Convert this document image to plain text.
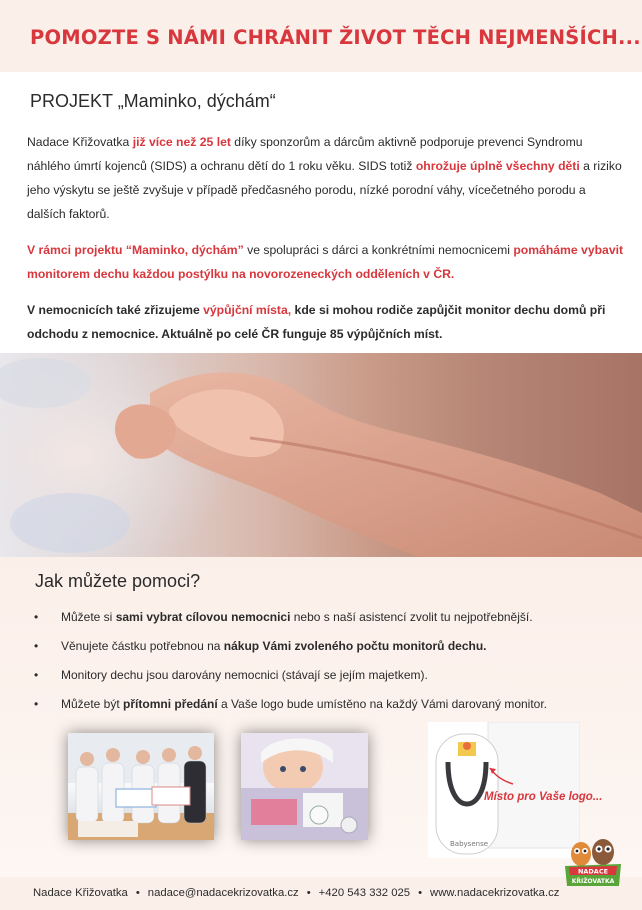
POMOZTE S NÁMI CHRÁNIT ŽIVOT TĚCH NEJMENŠÍCH...
PROJEKT „Maminko, dýchám“

Nadace Křižovatka již více než 25 let díky sponzorům a dárcům aktivně podporuje prevenci Syndromu náhlého úmrtí kojenců (SIDS) a ochranu dětí do 1 roku věku. SIDS totiž ohrožuje úplně všechny děti a riziko jeho výskytu se ještě zvyšuje v případě předčasného porodu, nízké porodní váhy, vícečetného porodu a dalších faktorů.

V rámci projektu “Maminko, dýchám” ve spolupráci s dárci a konkrétními nemocnicemi pomáháme vybavit monitorem dechu každou postýlku na novorozeneckých odděleních v ČR.

V nemocnicích také zřizujeme výpůjční místa, kde si mohou rodiče zapůjčit monitor dechu domů při odchodu z nemocnice. Aktuálně po celé ČR funguje 85 výpůjčních míst.

Jak můžete pomoci?
• Můžete si sami vybrat cílovou nemocnici nebo s naší asistencí zvolit tu nejpotřebnější.
• Věnujete částku potřebnou na nákup Vámi zvoleného počtu monitorů dechu.
• Monitory dechu jsou darovány nemocnici (stávají se jejím majetkem).
• Můžete být přítomni předání a Vaše logo bude umístěno na každý Vámi darovaný monitor.
Babysense
Místo pro Vaše logo...
Nadace Křižovatka • nadace@nadacekrizovatka.cz • +420 543 332 025 • www.nadacekrizovatka.cz
NADACE
KŘIŽOVATKA
